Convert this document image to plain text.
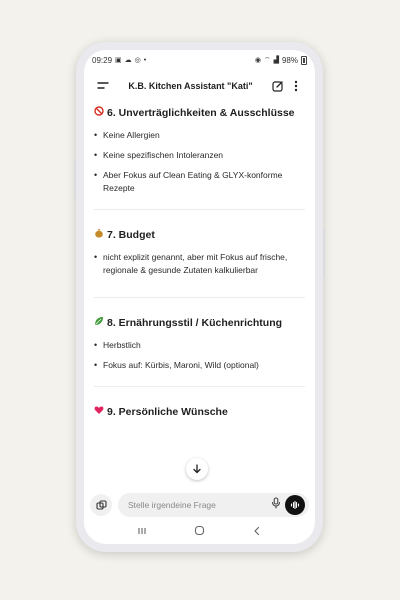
09:29 ▣ ☁ ◎ •	◉ ⌔ ▟ 98%
K.B. Kitchen Assistant "Kati"
6. Unverträglichkeiten & Ausschlüsse
• Keine Allergien
• Keine spezifischen Intoleranzen
• Aber Fokus auf Clean Eating & GLYX-konforme Rezepte
7. Budget
• nicht explizit genannt, aber mit Fokus auf frische, regionale & gesunde Zutaten kalkulierbar
8. Ernährungsstil / Küchenrichtung
• Herbstlich
• Fokus auf: Kürbis, Maroni, Wild (optional)
9. Persönliche Wünsche
Stelle irgendeine Frage
